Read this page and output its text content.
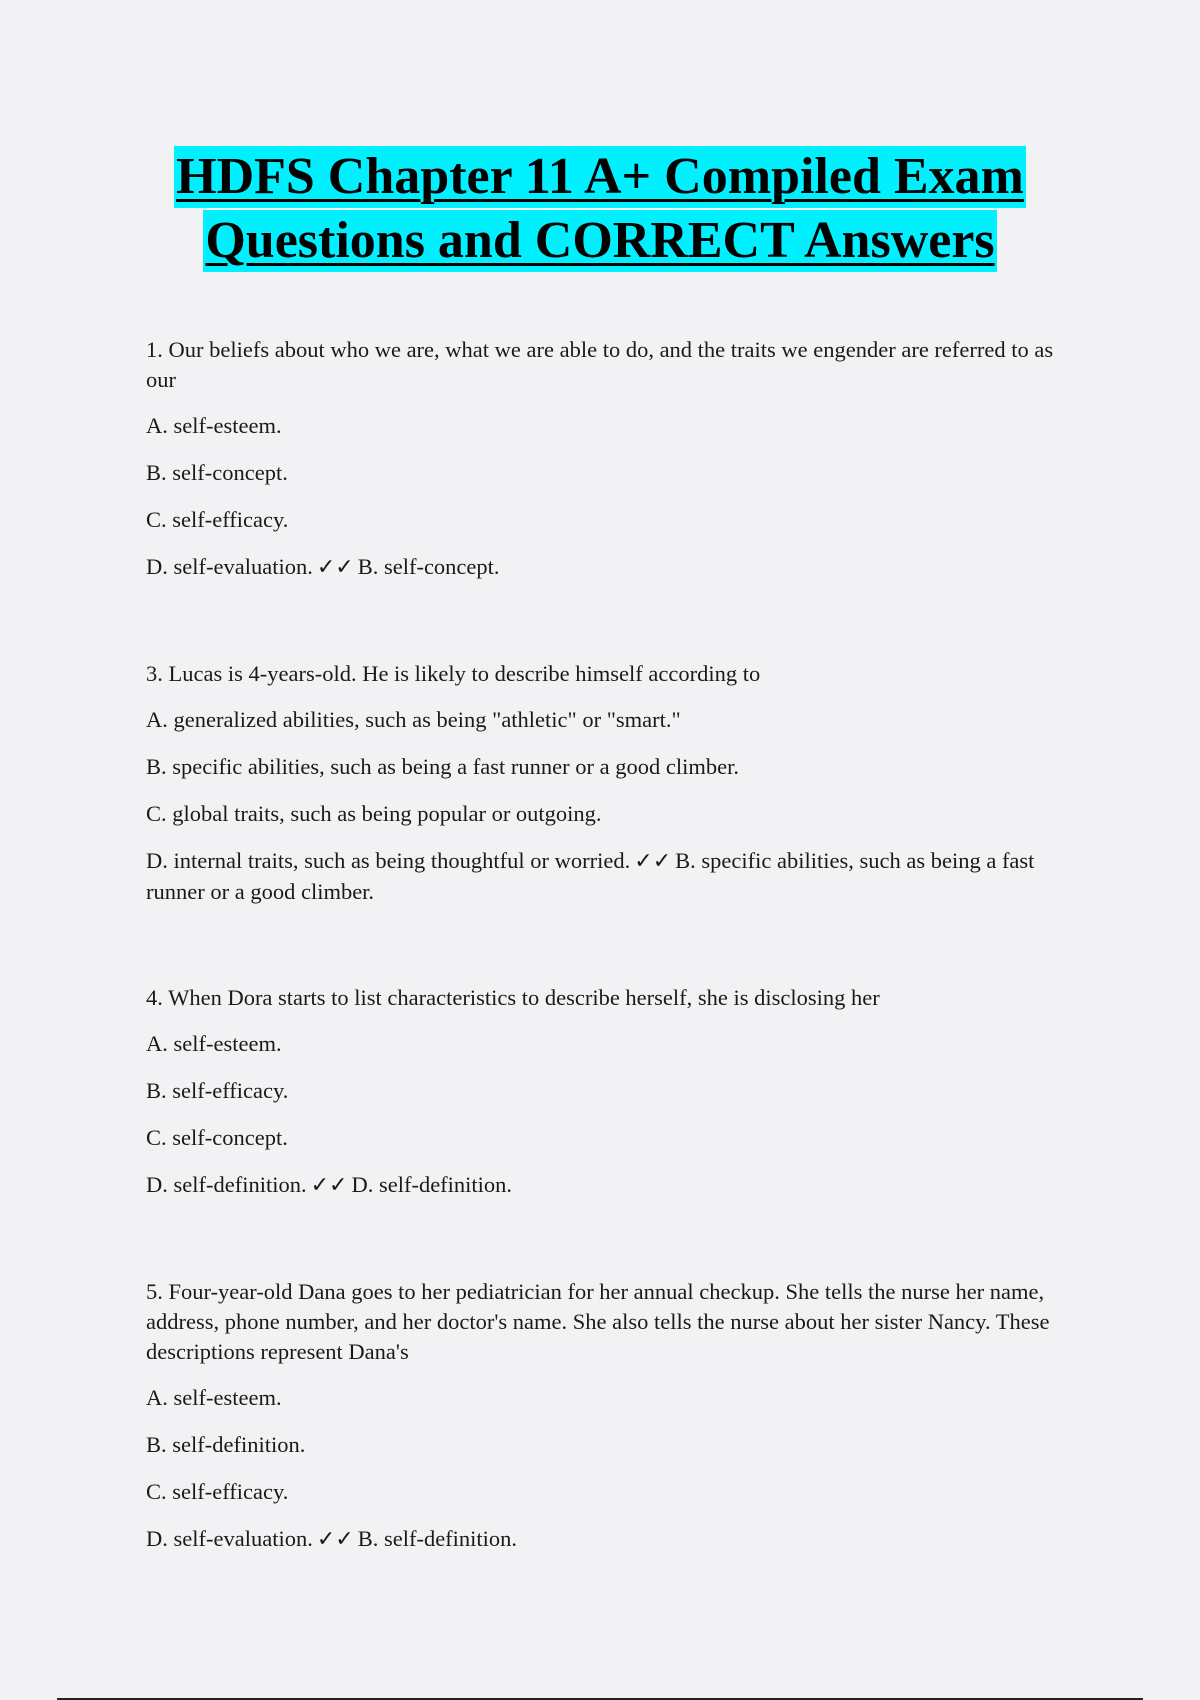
HDFS Chapter 11 A+ Compiled Exam
Questions and CORRECT Answers

1. Our beliefs about who we are, what we are able to do, and the traits we engender are referred to as our

A. self-esteem.

B. self-concept.

C. self-efficacy.

D. self-evaluation. ✓✓ B. self-concept.

3. Lucas is 4-years-old. He is likely to describe himself according to

A. generalized abilities, such as being "athletic" or "smart."

B. specific abilities, such as being a fast runner or a good climber.

C. global traits, such as being popular or outgoing.

D. internal traits, such as being thoughtful or worried. ✓✓ B. specific abilities, such as being a fast runner or a good climber.

4. When Dora starts to list characteristics to describe herself, she is disclosing her

A. self-esteem.

B. self-efficacy.

C. self-concept.

D. self-definition. ✓✓ D. self-definition.

5. Four-year-old Dana goes to her pediatrician for her annual checkup. She tells the nurse her name, address, phone number, and her doctor's name. She also tells the nurse about her sister Nancy. These descriptions represent Dana's

A. self-esteem.

B. self-definition.

C. self-efficacy.

D. self-evaluation. ✓✓ B. self-definition.
